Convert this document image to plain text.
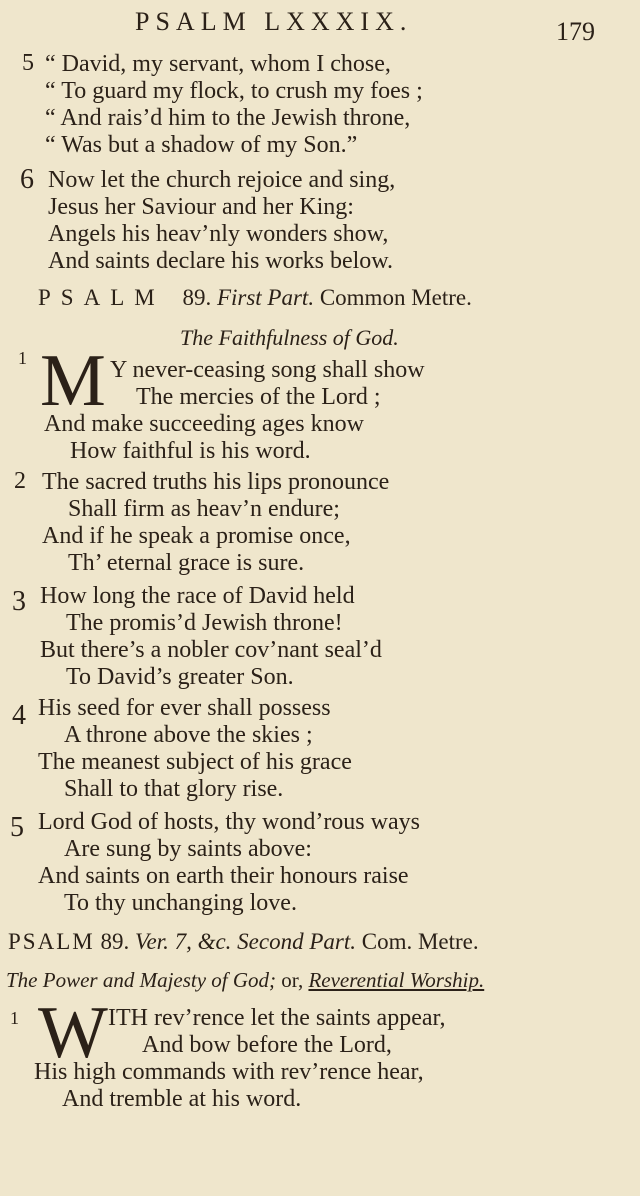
PSALM LXXXIX.	179
5 “ David, my servant, whom I chose,
“ To guard my flock, to crush my foes ;
“ And rais’d him to the Jewish throne,
“ Was but a shadow of my Son.”
6 Now let the church rejoice and sing,
Jesus her Saviour and her King:
Angels his heav’nly wonders show,
And saints declare his works below.
PSALM 89. First Part. Common Metre.
The Faithfulness of God.
1 M Y never-ceasing song shall show
The mercies of the Lord ;
And make succeeding ages know
How faithful is his word.
2 The sacred truths his lips pronounce
Shall firm as heav’n endure;
And if he speak a promise once,
Th’ eternal grace is sure.
3 How long the race of David held
The promis’d Jewish throne!
But there’s a nobler cov’nant seal’d
To David’s greater Son.
4 His seed for ever shall possess
A throne above the skies ;
The meanest subject of his grace
Shall to that glory rise.
5 Lord God of hosts, thy wond’rous ways
Are sung by saints above:
And saints on earth their honours raise
To thy unchanging love.
PSALM 89. Ver. 7, &c. Second Part. Com. Metre.
The Power and Majesty of God; or, Reverential Worship.
1 W ITH rev’rence let the saints appear,
And bow before the Lord,
His high commands with rev’rence hear,
And tremble at his word.
